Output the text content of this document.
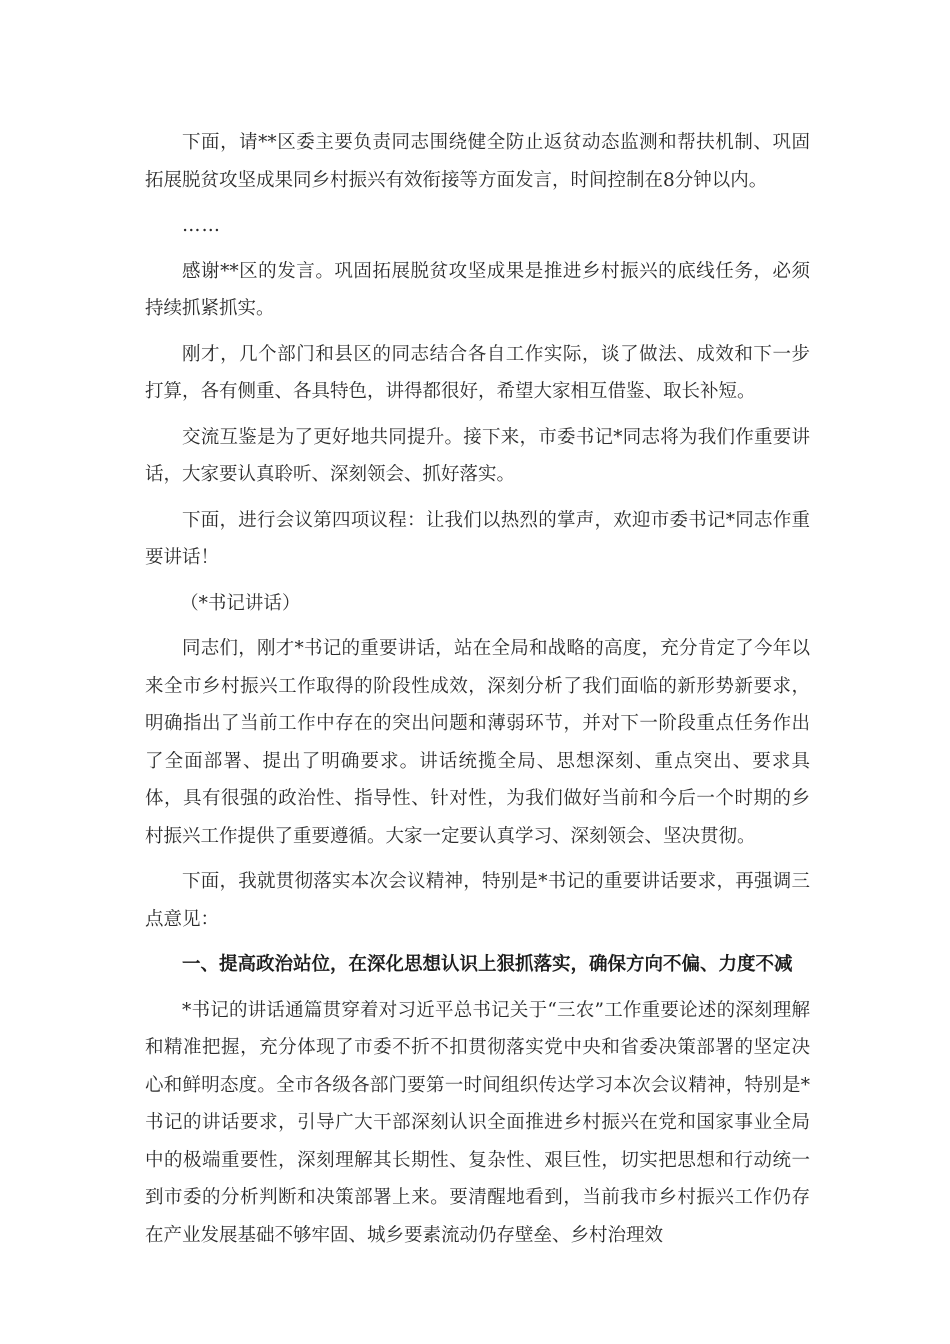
下面，请**区委主要负责同志围绕健全防止返贫动态监测和帮扶机制、巩固拓展脱贫攻坚成果同乡村振兴有效衔接等方面发言，时间控制在8分钟以内。

……

感谢**区的发言。巩固拓展脱贫攻坚成果是推进乡村振兴的底线任务，必须持续抓紧抓实。

刚才，几个部门和县区的同志结合各自工作实际，谈了做法、成效和下一步打算，各有侧重、各具特色，讲得都很好，希望大家相互借鉴、取长补短。

交流互鉴是为了更好地共同提升。接下来，市委书记*同志将为我们作重要讲话，大家要认真聆听、深刻领会、抓好落实。

下面，进行会议第四项议程：让我们以热烈的掌声，欢迎市委书记*同志作重要讲话！

（*书记讲话）

同志们，刚才*书记的重要讲话，站在全局和战略的高度，充分肯定了今年以来全市乡村振兴工作取得的阶段性成效，深刻分析了我们面临的新形势新要求，明确指出了当前工作中存在的突出问题和薄弱环节，并对下一阶段重点任务作出了全面部署、提出了明确要求。讲话统揽全局、思想深刻、重点突出、要求具体，具有很强的政治性、指导性、针对性，为我们做好当前和今后一个时期的乡村振兴工作提供了重要遵循。大家一定要认真学习、深刻领会、坚决贯彻。

下面，我就贯彻落实本次会议精神，特别是*书记的重要讲话要求，再强调三点意见：

一、提高政治站位，在深化思想认识上狠抓落实，确保方向不偏、力度不减

*书记的讲话通篇贯穿着对习近平总书记关于“三农”工作重要论述的深刻理解和精准把握，充分体现了市委不折不扣贯彻落实党中央和省委决策部署的坚定决心和鲜明态度。全市各级各部门要第一时间组织传达学习本次会议精神，特别是*书记的讲话要求，引导广大干部深刻认识全面推进乡村振兴在党和国家事业全局中的极端重要性，深刻理解其长期性、复杂性、艰巨性，切实把思想和行动统一到市委的分析判断和决策部署上来。要清醒地看到，当前我市乡村振兴工作仍存在产业发展基础不够牢固、城乡要素流动仍存壁垒、乡村治理效
